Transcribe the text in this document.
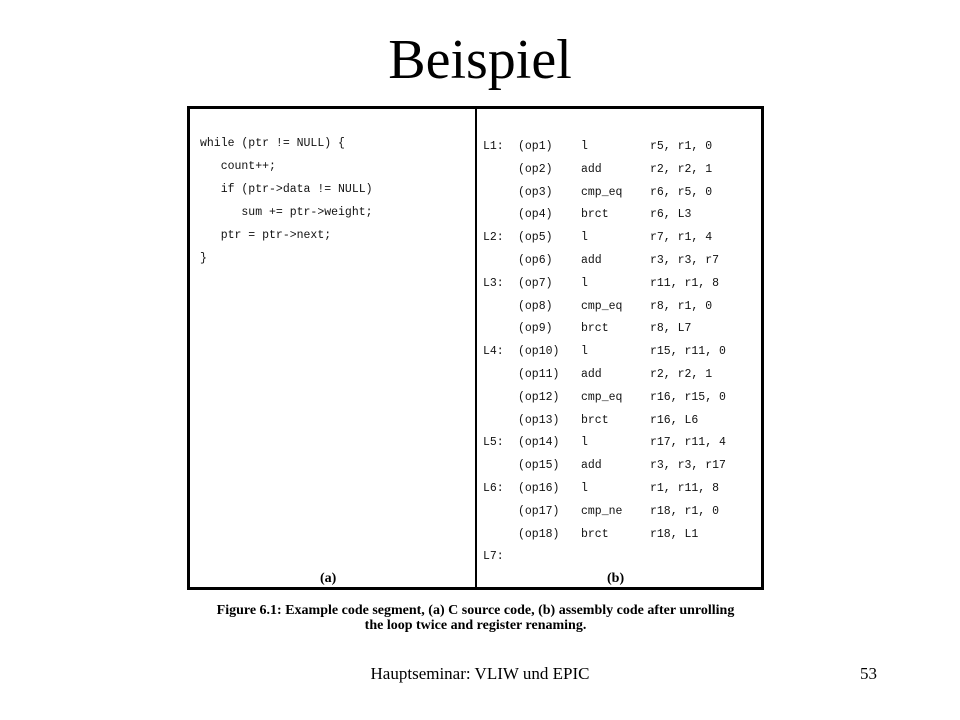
Beispiel
while (ptr != NULL) {
count++;
if (ptr->data != NULL)
sum += ptr->weight;
ptr = ptr->next;
}
(a)
L1: (op1) l	r5, r1, 0
(op2) add	r2, r2, 1
(op3) cmp_eq r6, r5, 0
(op4) brct	r6, L3
L2: (op5) l	r7, r1, 4
(op6) add	r3, r3, r7
L3: (op7) l	r11, r1, 8
(op8) cmp_eq r8, r1, 0
(op9) brct	r8, L7
L4: (op10) l	r15, r11, 0
(op11) add	r2, r2, 1
(op12) cmp_eq r16, r15, 0
(op13) brct	r16, L6
L5: (op14) l	r17, r11, 4
(op15) add	r3, r3, r17
L6: (op16) l	r1, r11, 8
(op17) cmp_ne r18, r1, 0
(op18) brct	r18, L1
L7:
(b)
Figure 6.1: Example code segment, (a) C source code, (b) assembly code after unrolling
the loop twice and register renaming.
Hauptseminar: VLIW und EPIC	53
